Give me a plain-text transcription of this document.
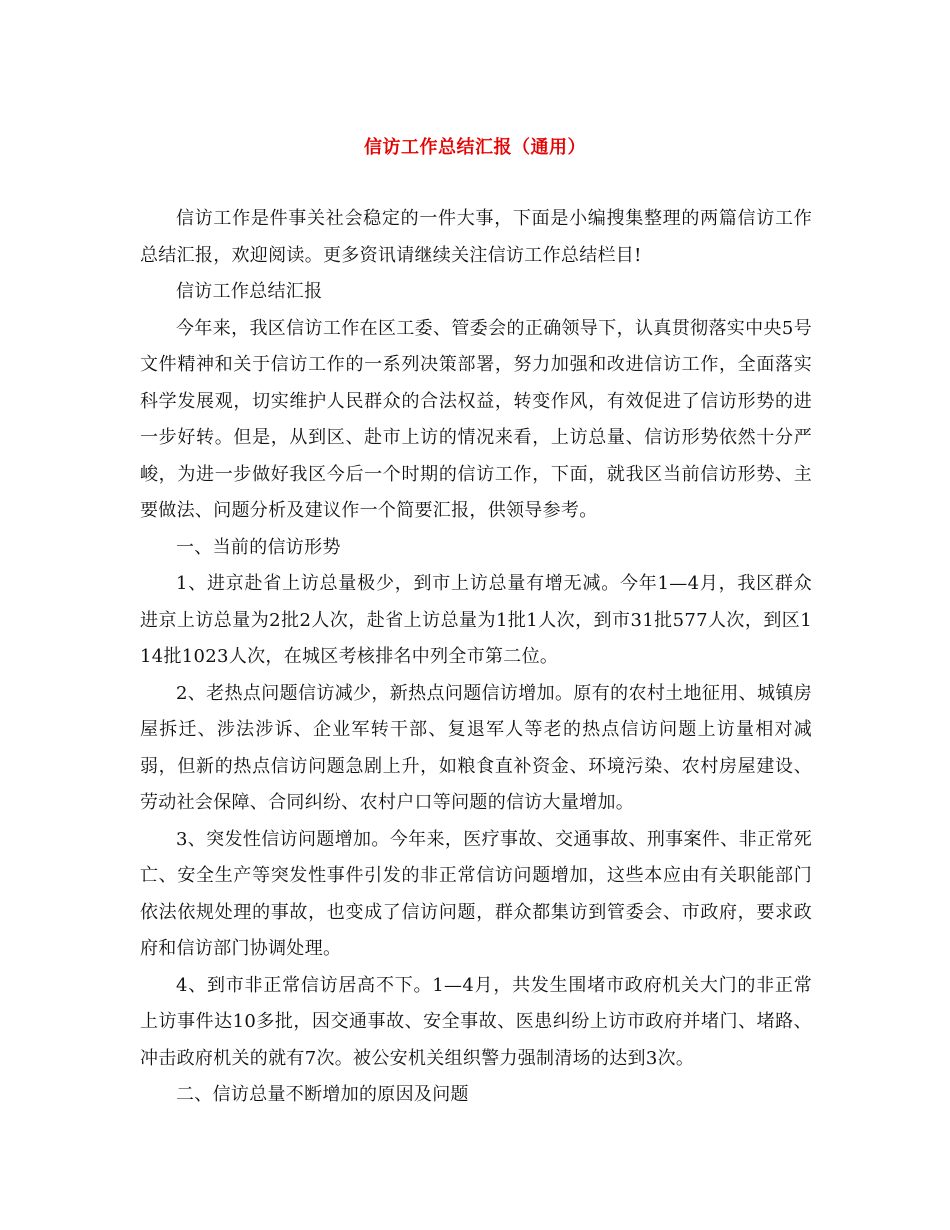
信访工作总结汇报（通用）

信访工作是件事关社会稳定的一件大事，下面是小编搜集整理的两篇信访工作总结汇报，欢迎阅读。更多资讯请继续关注信访工作总结栏目!

信访工作总结汇报

今年来，我区信访工作在区工委、管委会的正确领导下，认真贯彻落实中央5号文件精神和关于信访工作的一系列决策部署，努力加强和改进信访工作，全面落实科学发展观，切实维护人民群众的合法权益，转变作风，有效促进了信访形势的进一步好转。但是，从到区、赴市上访的情况来看，上访总量、信访形势依然十分严峻，为进一步做好我区今后一个时期的信访工作，下面，就我区当前信访形势、主要做法、问题分析及建议作一个简要汇报，供领导参考。

一、当前的信访形势

1、进京赴省上访总量极少，到市上访总量有增无减。今年1—4月，我区群众进京上访总量为2批2人次，赴省上访总量为1批1人次，到市31批577人次，到区114批1023人次，在城区考核排名中列全市第二位。

2、老热点问题信访减少，新热点问题信访增加。原有的农村土地征用、城镇房屋拆迁、涉法涉诉、企业军转干部、复退军人等老的热点信访问题上访量相对减弱，但新的热点信访问题急剧上升，如粮食直补资金、环境污染、农村房屋建设、劳动社会保障、合同纠纷、农村户口等问题的信访大量增加。

3、突发性信访问题增加。今年来，医疗事故、交通事故、刑事案件、非正常死亡、安全生产等突发性事件引发的非正常信访问题增加，这些本应由有关职能部门依法依规处理的事故，也变成了信访问题，群众都集访到管委会、市政府，要求政府和信访部门协调处理。

4、到市非正常信访居高不下。1—4月，共发生围堵市政府机关大门的非正常上访事件达10多批，因交通事故、安全事故、医患纠纷上访市政府并堵门、堵路、冲击政府机关的就有7次。被公安机关组织警力强制清场的达到3次。

二、信访总量不断增加的原因及问题
